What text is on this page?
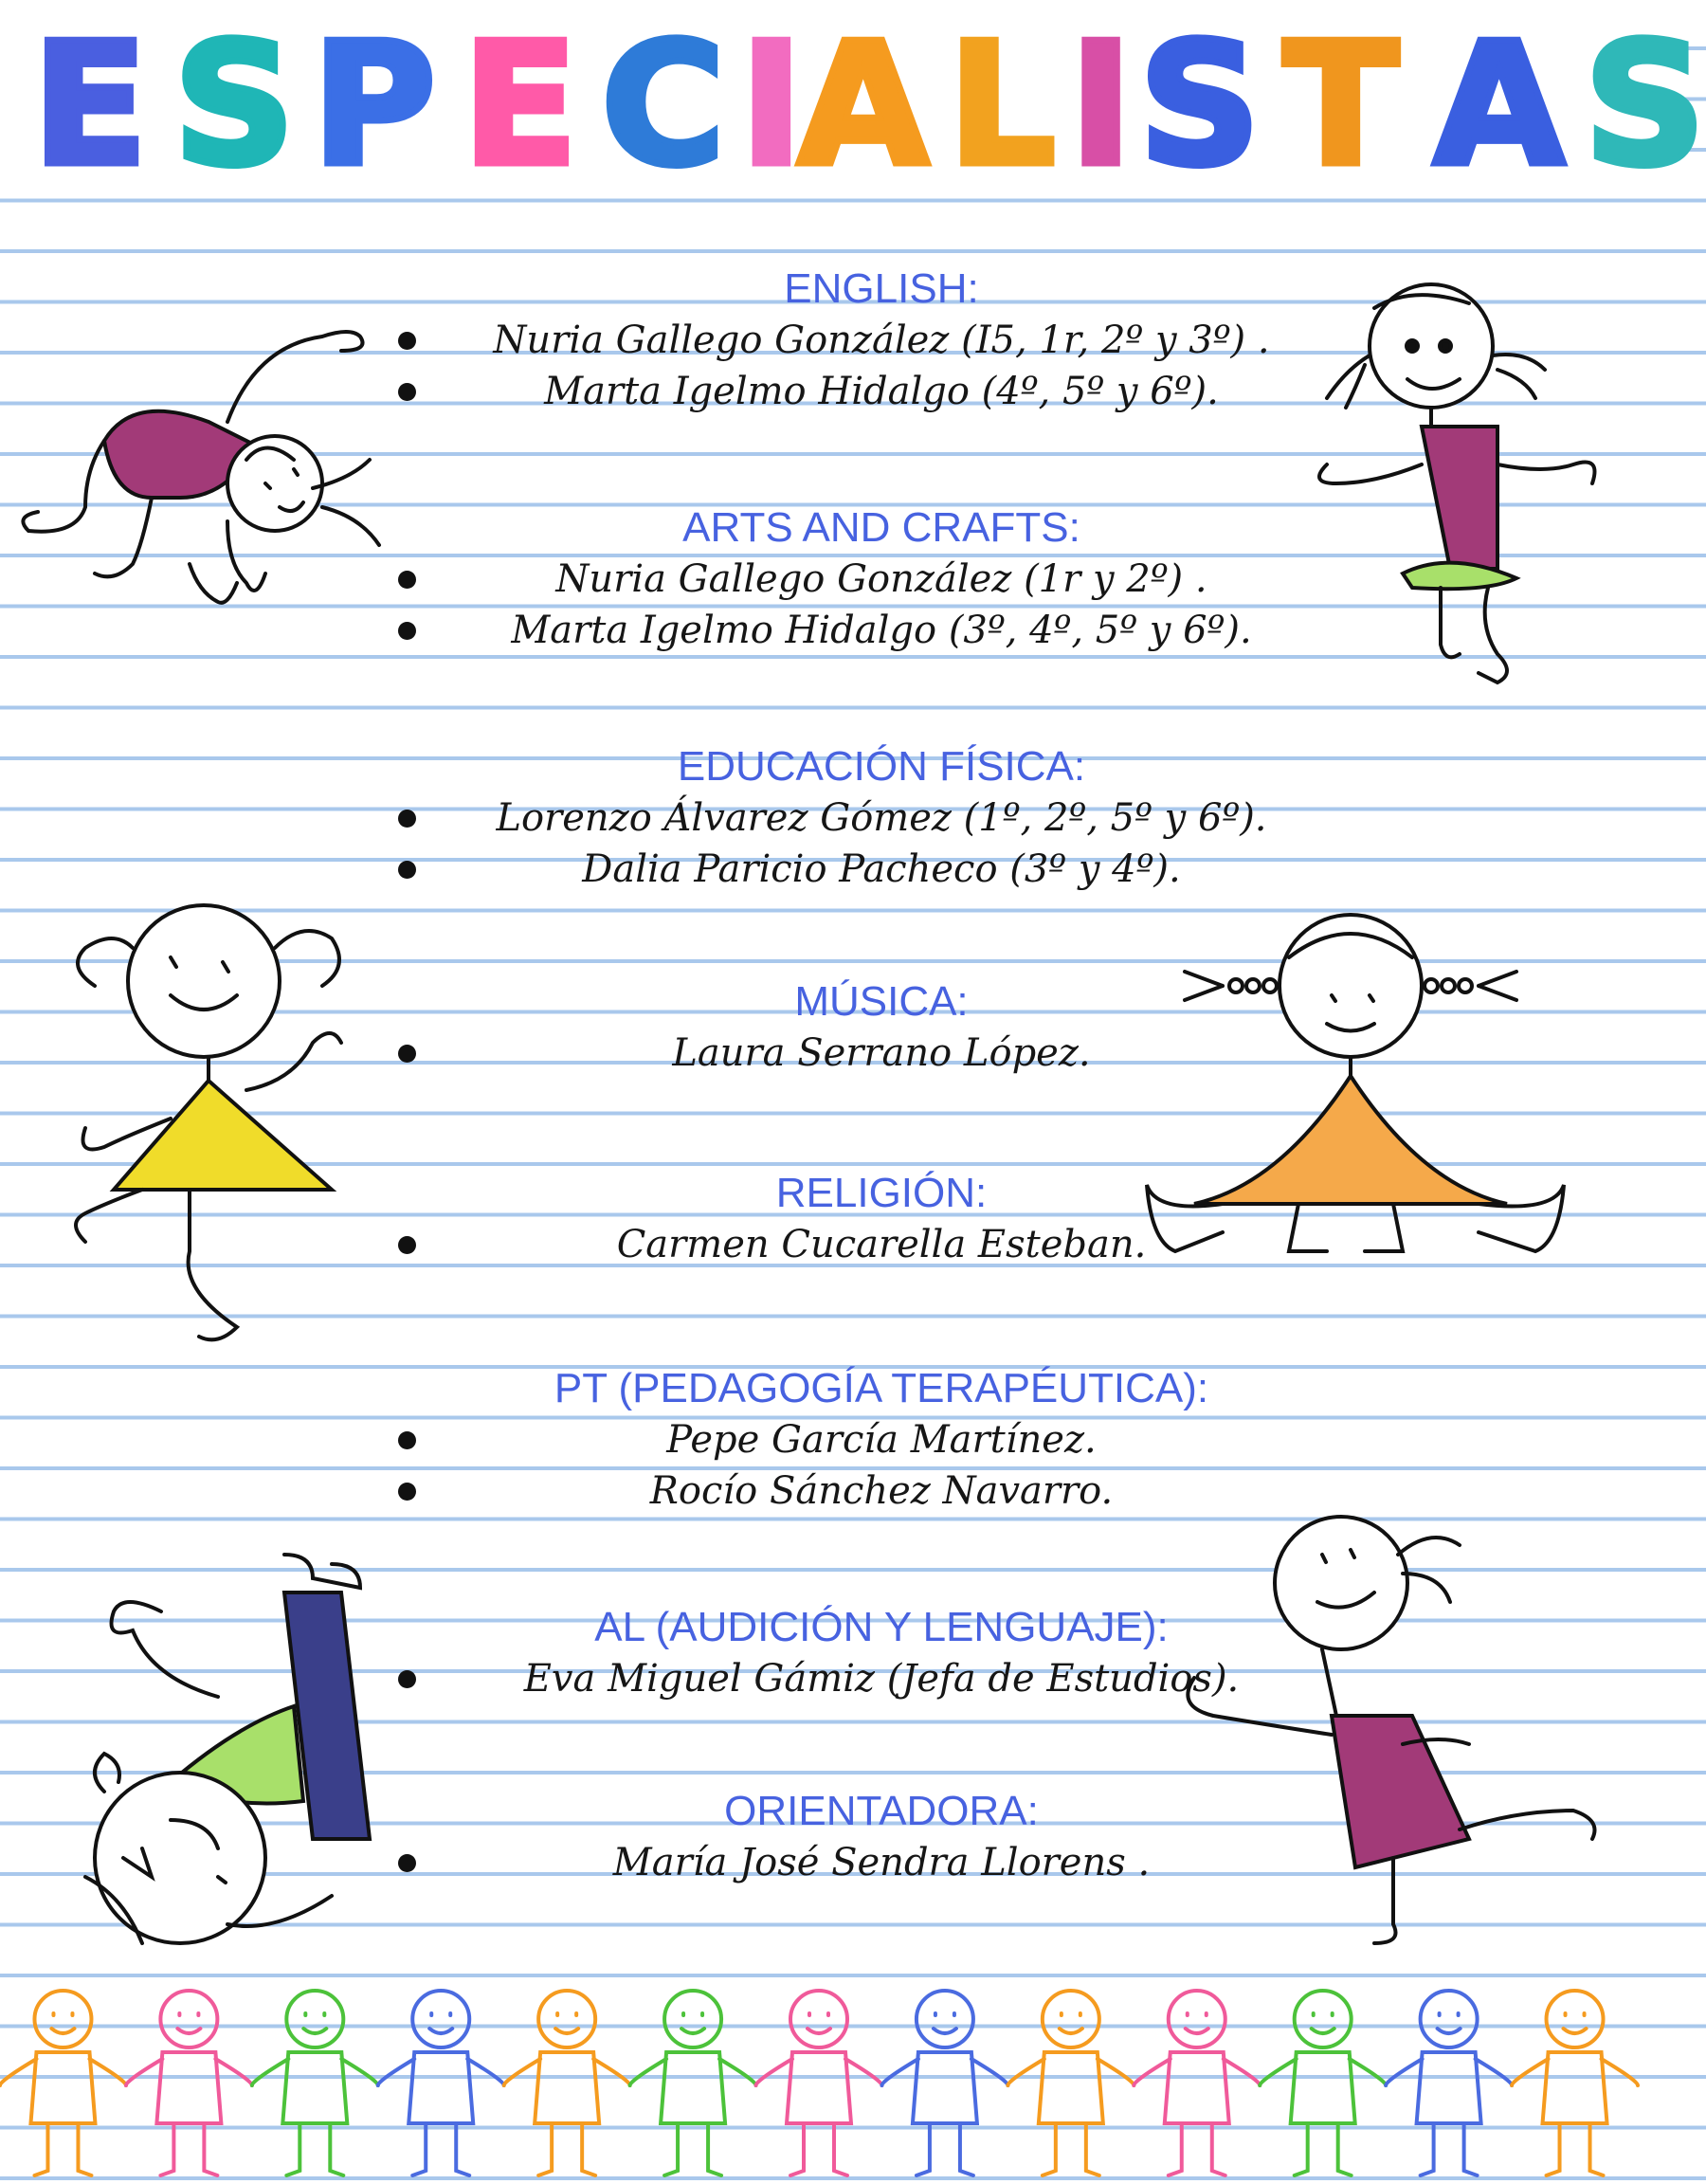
E S P E C I
A L I S T A S
ENGLISH:
Nuria Gallego González (I5, 1r, 2º y 3º) .
Marta Igelmo Hidalgo (4º, 5º y 6º).
ARTS AND CRAFTS:
Nuria Gallego González (1r y 2º) .
Marta Igelmo Hidalgo (3º, 4º, 5º y 6º).
EDUCACIÓN FÍSICA:
Lorenzo Álvarez Gómez (1º, 2º, 5º y 6º).
Dalia Paricio Pacheco (3º y 4º).
MÚSICA:
Laura Serrano López.
RELIGIÓN:
Carmen Cucarella Esteban.
PT (PEDAGOGÍA TERAPÉUTICA):
Pepe García Martínez.
Rocío Sánchez Navarro.
AL (AUDICIÓN Y LENGUAJE):
Eva Miguel Gámiz (Jefa de Estudios).
ORIENTADORA:
María José Sendra Llorens .
